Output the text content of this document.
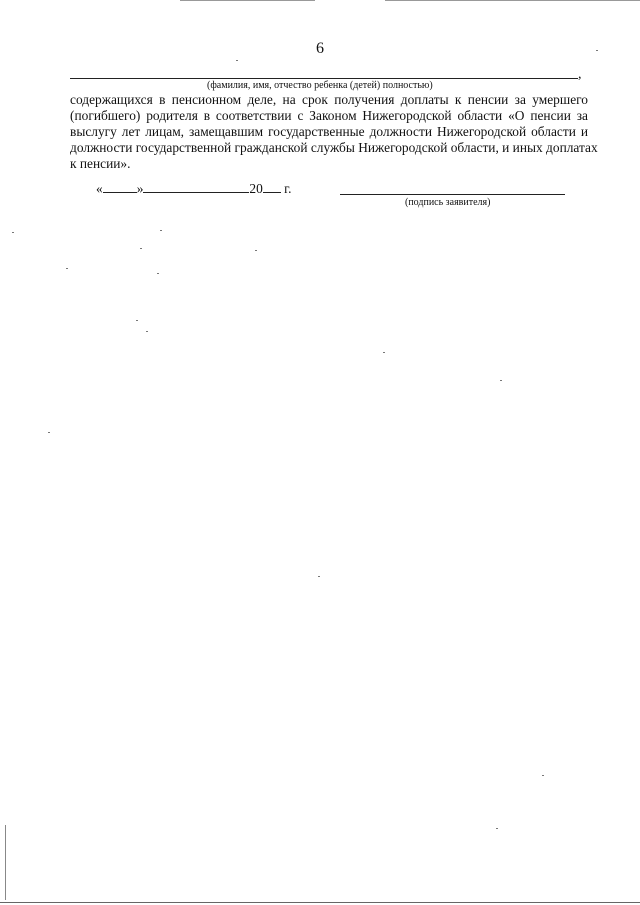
6
,
(фамилия, имя, отчество ребенка (детей) полностью)
содержащихся в пенсионном деле, на срок получения доплаты к пенсии за умершего
(погибшего) родителя в соответствии с Законом Нижегородской области «О пенсии за
выслугу лет лицам, замещавшим государственные должности Нижегородской области и
должности государственной гражданской службы Нижегородской области, и иных доплатах
к пенсии».
«	»	20 г.
(подпись заявителя)
